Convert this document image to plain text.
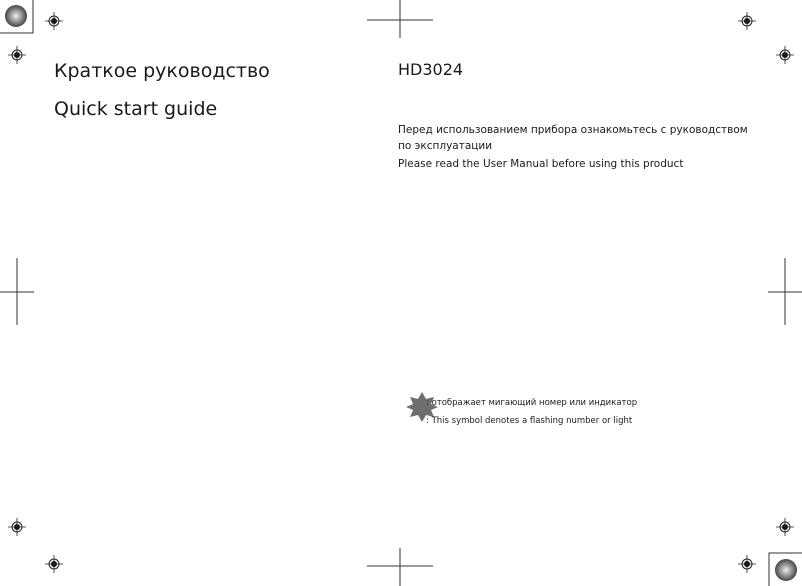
Краткое руководство
Quick start guide
HD3024
Перед использованием прибора ознакомьтесь с руководством
по эксплуатации
Please read the User Manual before using this product
: отображает мигающий номер или индикатор
: This symbol denotes a flashing number or light
